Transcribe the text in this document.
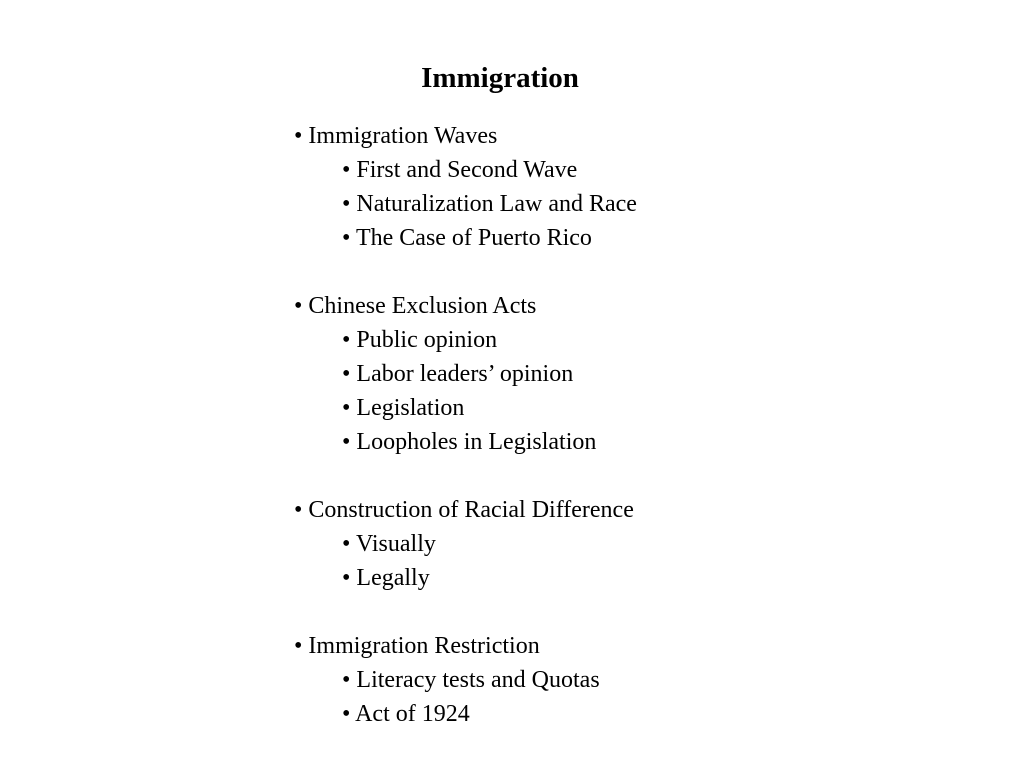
Immigration
• Immigration Waves
• First and Second Wave
• Naturalization Law and Race
• The Case of Puerto Rico
• Chinese Exclusion Acts
• Public opinion
• Labor leaders’ opinion
• Legislation
• Loopholes in Legislation
• Construction of Racial Difference
• Visually
• Legally
• Immigration Restriction
• Literacy tests and Quotas
• Act of 1924
